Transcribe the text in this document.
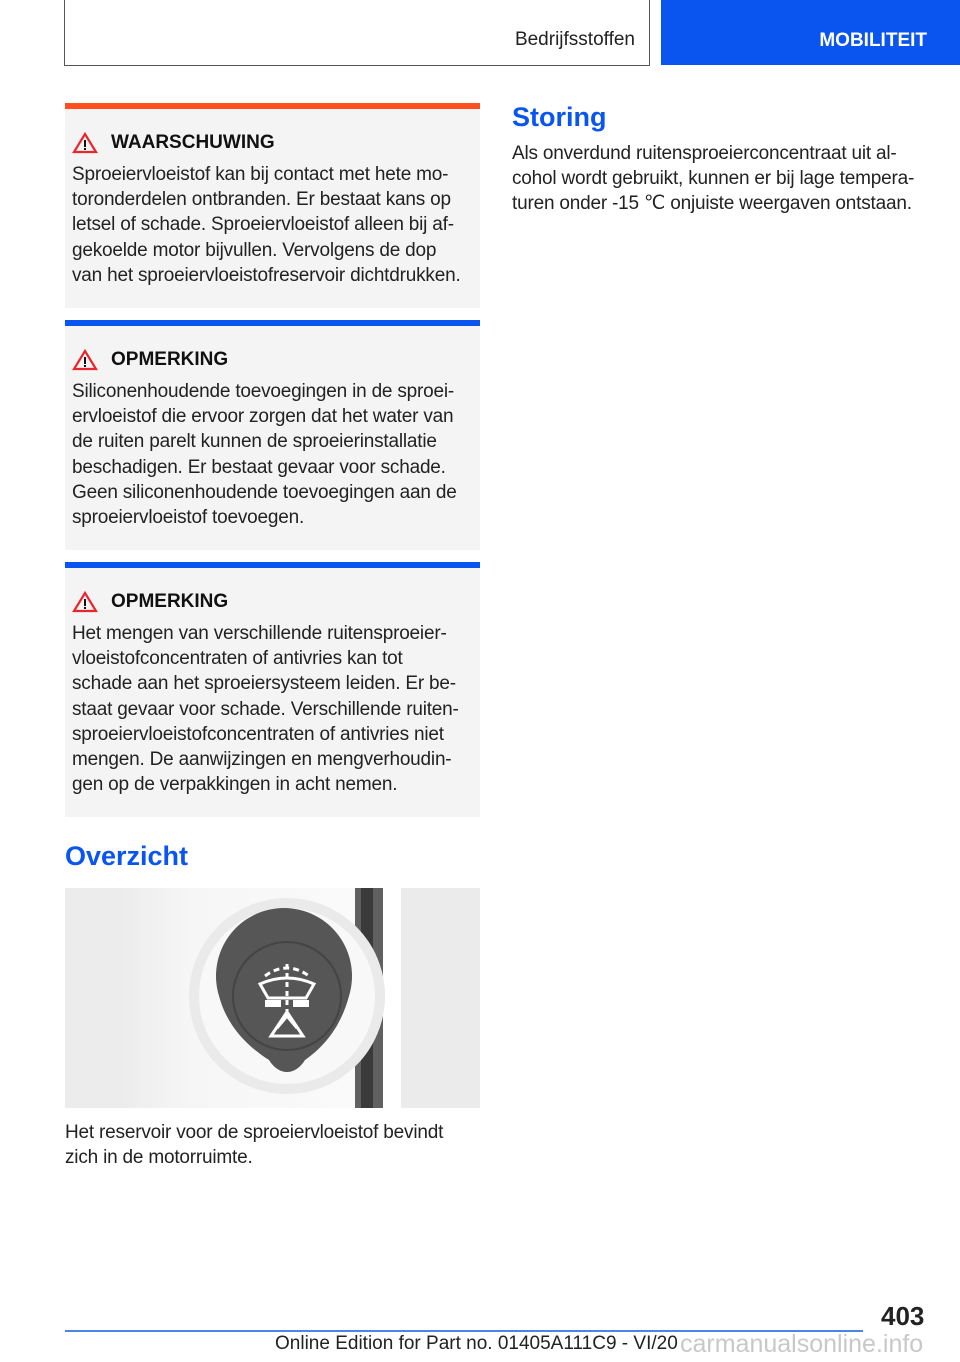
Bedrijfsstoffen	MOBILITEIT
WAARSCHUWING
Sproeiervloeistof kan bij contact met hete mo-
toronderdelen ontbranden. Er bestaat kans op
letsel of schade. Sproeiervloeistof alleen bij af-
gekoelde motor bijvullen. Vervolgens de dop
van het sproeiervloeistofreservoir dichtdrukken.
OPMERKING
Siliconenhoudende toevoegingen in de sproei-
ervloeistof die ervoor zorgen dat het water van
de ruiten parelt kunnen de sproeierinstallatie
beschadigen. Er bestaat gevaar voor schade.
Geen siliconenhoudende toevoegingen aan de
sproeiervloeistof toevoegen.
OPMERKING
Het mengen van verschillende ruitensproeier-
vloeistofconcentraten of antivries kan tot
schade aan het sproeiersysteem leiden. Er be-
staat gevaar voor schade. Verschillende ruiten-
sproeiervloeistofconcentraten of antivries niet
mengen. De aanwijzingen en mengverhoudin-
gen op de verpakkingen in acht nemen.
Overzicht
Het reservoir voor de sproeiervloeistof bevindt
zich in de motorruimte.
Storing
Als onverdund ruitensproeierconcentraat uit al-
cohol wordt gebruikt, kunnen er bij lage tempera-
turen onder -15 ℃ onjuiste weergaven ontstaan.
403
Online Edition for Part no. 01405A111C9 - VI/20 carmanualsonline.info
